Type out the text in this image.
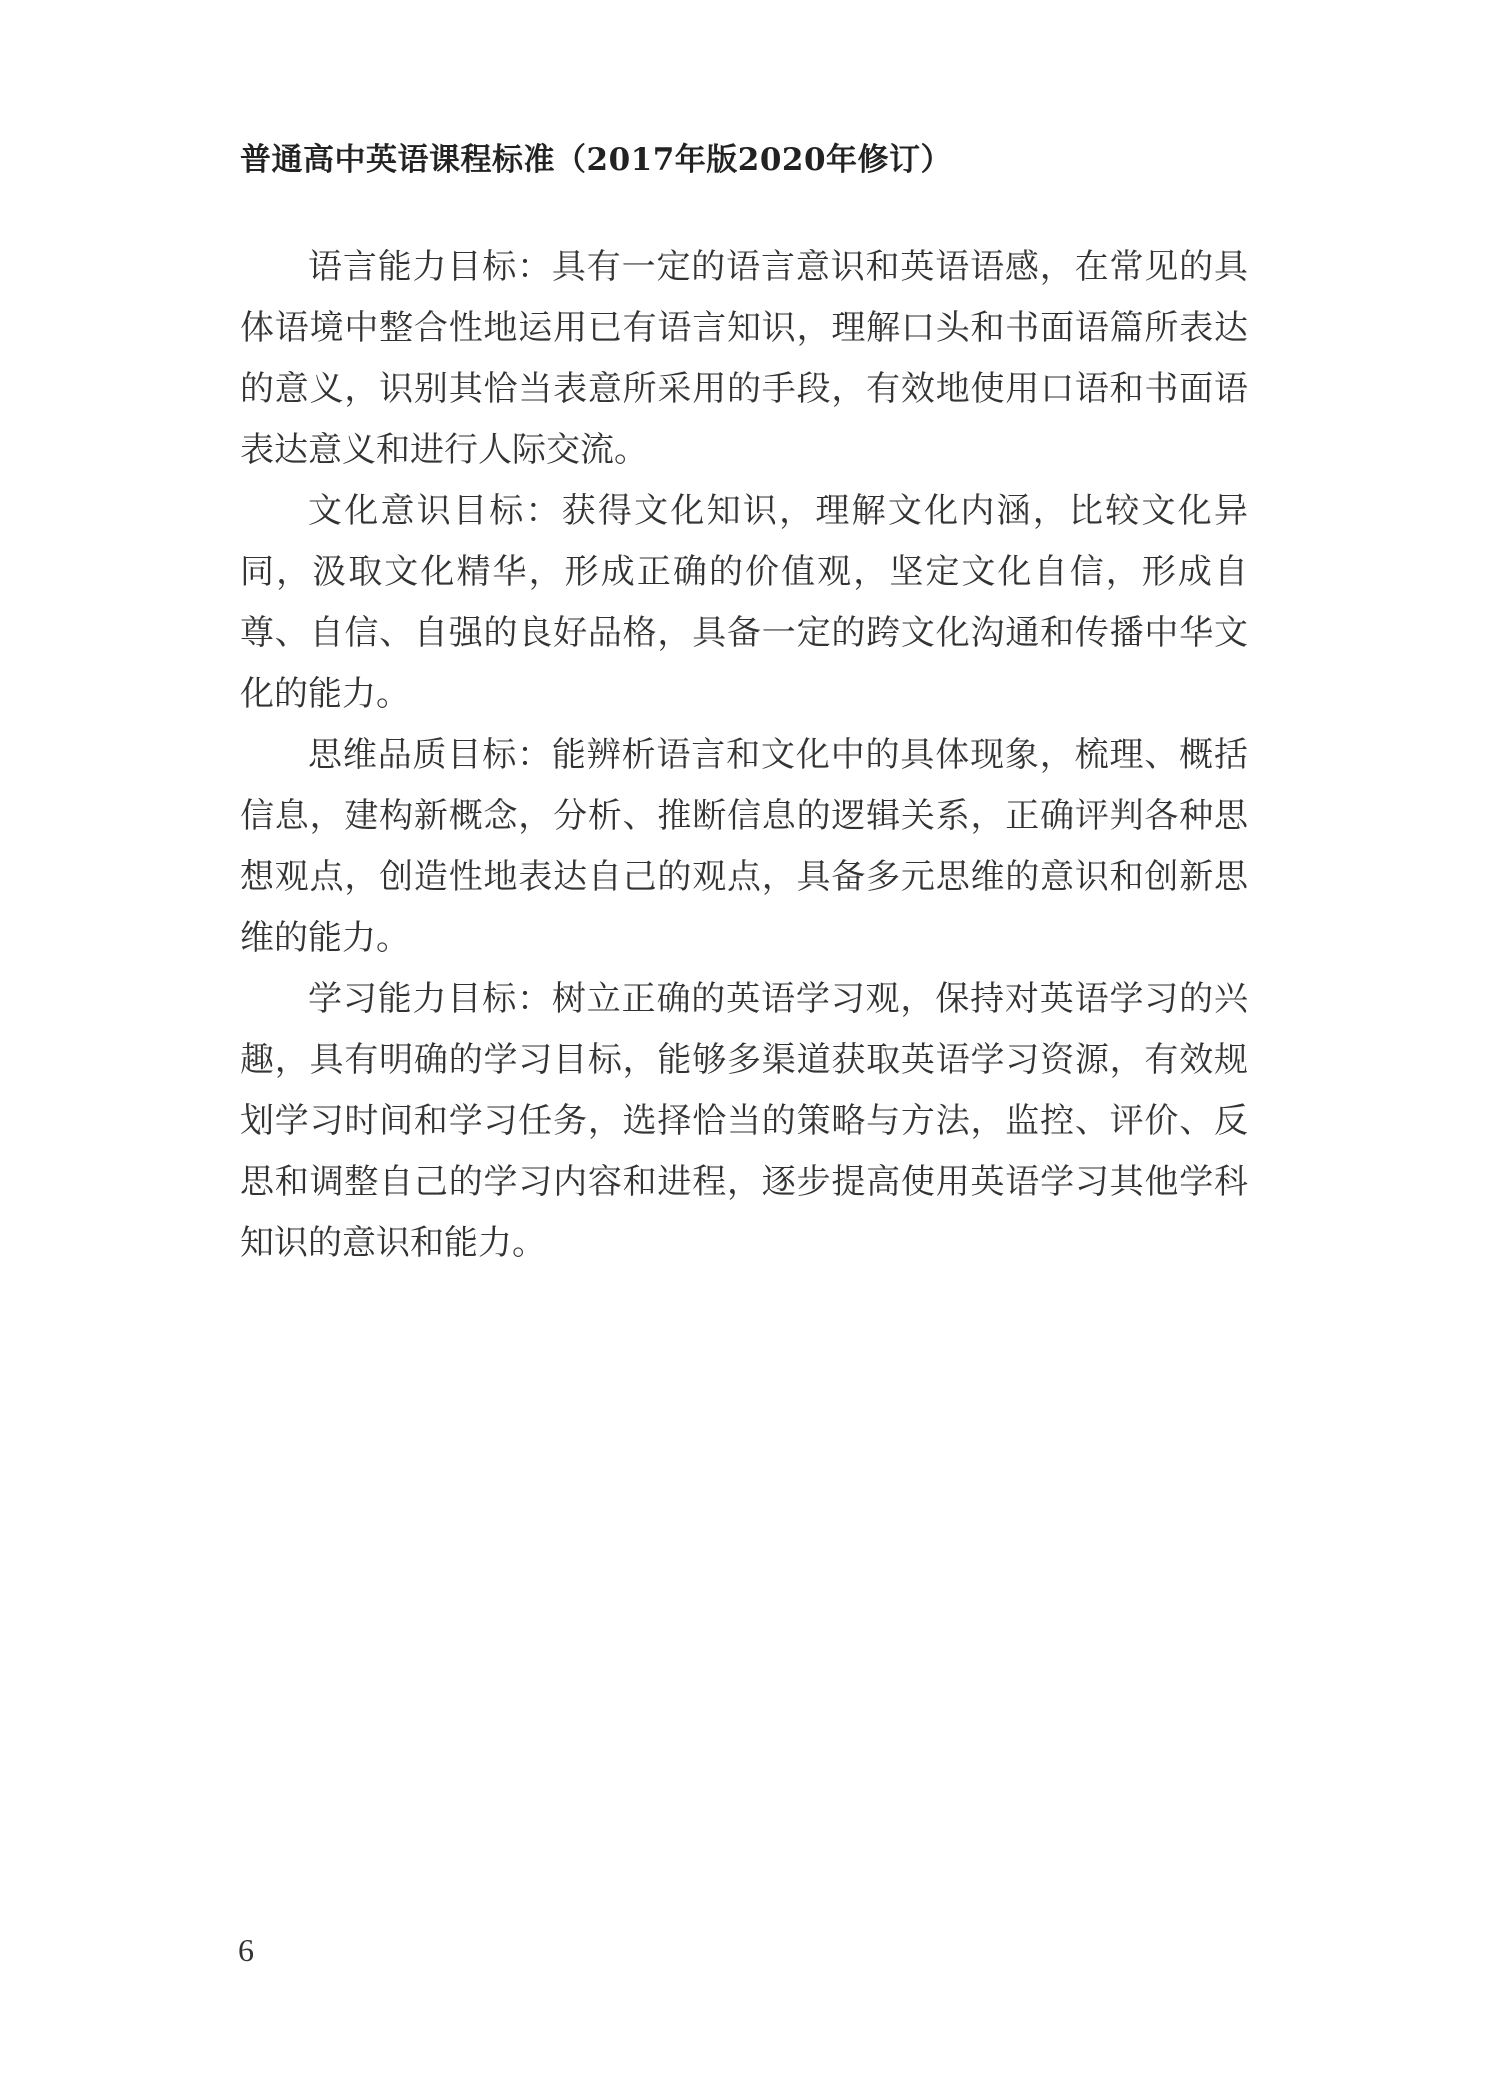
普通高中英语课程标准（2017年版2020年修订）

语言能力目标：具有一定的语言意识和英语语感，在常见的具体语境中整合性地运用已有语言知识，理解口头和书面语篇所表达的意义，识别其恰当表意所采用的手段，有效地使用口语和书面语表达意义和进行人际交流。

文化意识目标：获得文化知识，理解文化内涵，比较文化异同，汲取文化精华，形成正确的价值观，坚定文化自信，形成自尊、自信、自强的良好品格，具备一定的跨文化沟通和传播中华文化的能力。

思维品质目标：能辨析语言和文化中的具体现象，梳理、概括信息，建构新概念，分析、推断信息的逻辑关系，正确评判各种思想观点，创造性地表达自己的观点，具备多元思维的意识和创新思维的能力。

学习能力目标：树立正确的英语学习观，保持对英语学习的兴趣，具有明确的学习目标，能够多渠道获取英语学习资源，有效规划学习时间和学习任务，选择恰当的策略与方法，监控、评价、反思和调整自己的学习内容和进程，逐步提高使用英语学习其他学科知识的意识和能力。

6
